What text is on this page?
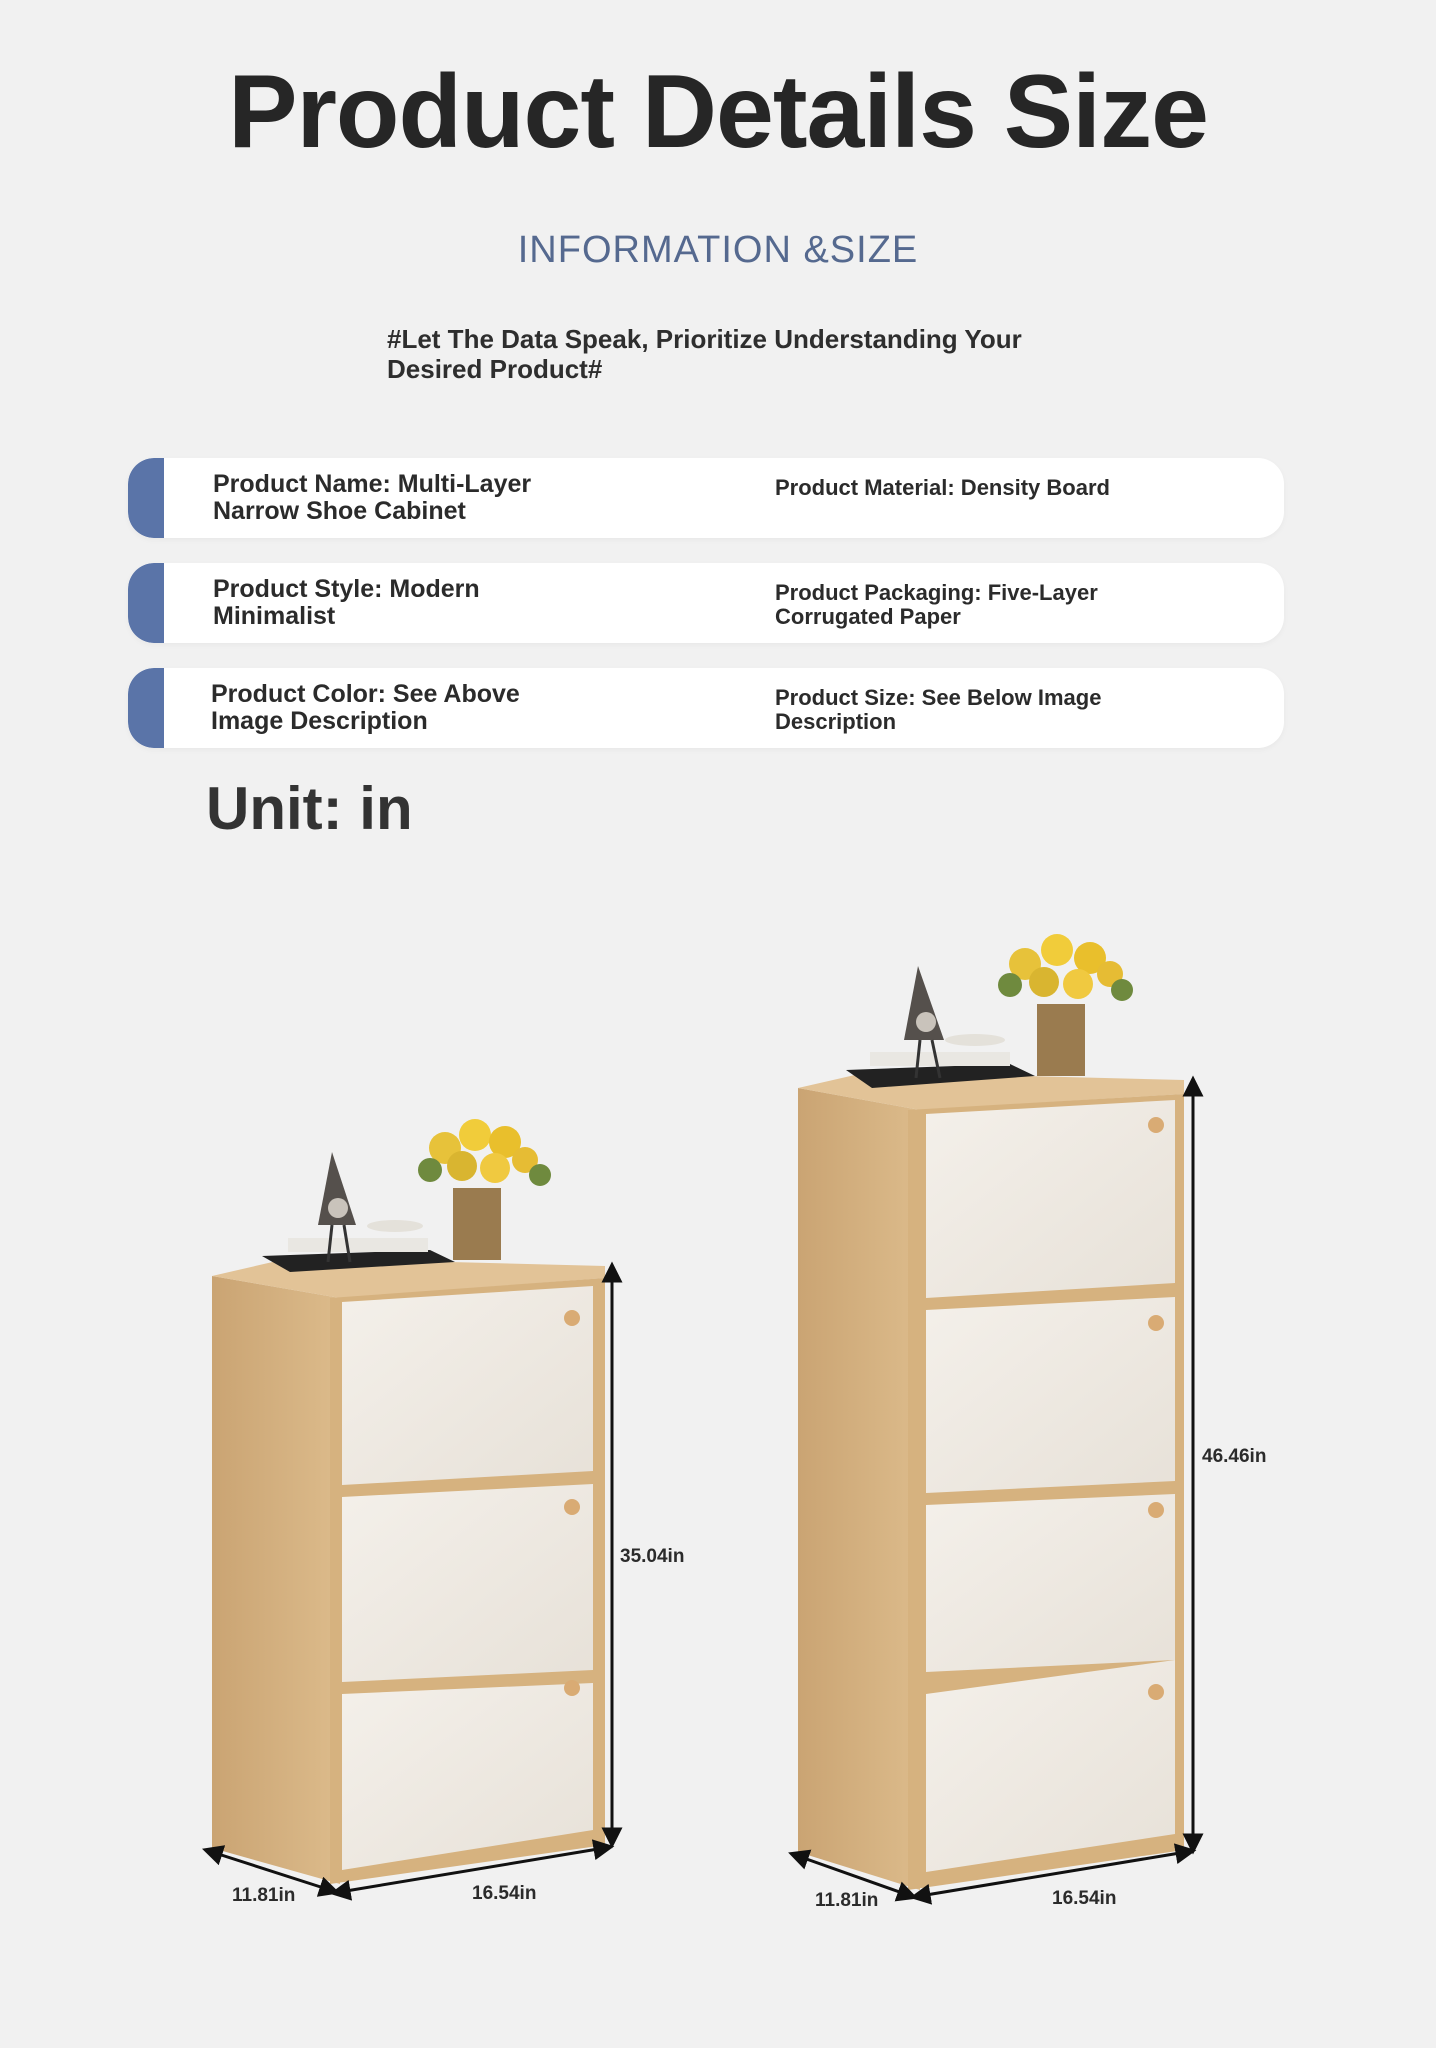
Product Details Size
INFORMATION &SIZE
#Let The Data Speak, Prioritize Understanding Your Desired Product#
Product Name: Multi-Layer Narrow Shoe Cabinet
Product Material: Density Board
Product Style: Modern Minimalist
Product Packaging: Five-Layer Corrugated Paper
Product Color: See Above Image Description
Product Size: See Below Image Description
Unit: in
35.04in
11.81in	16.54in
46.46in
11.81in	16.54in
